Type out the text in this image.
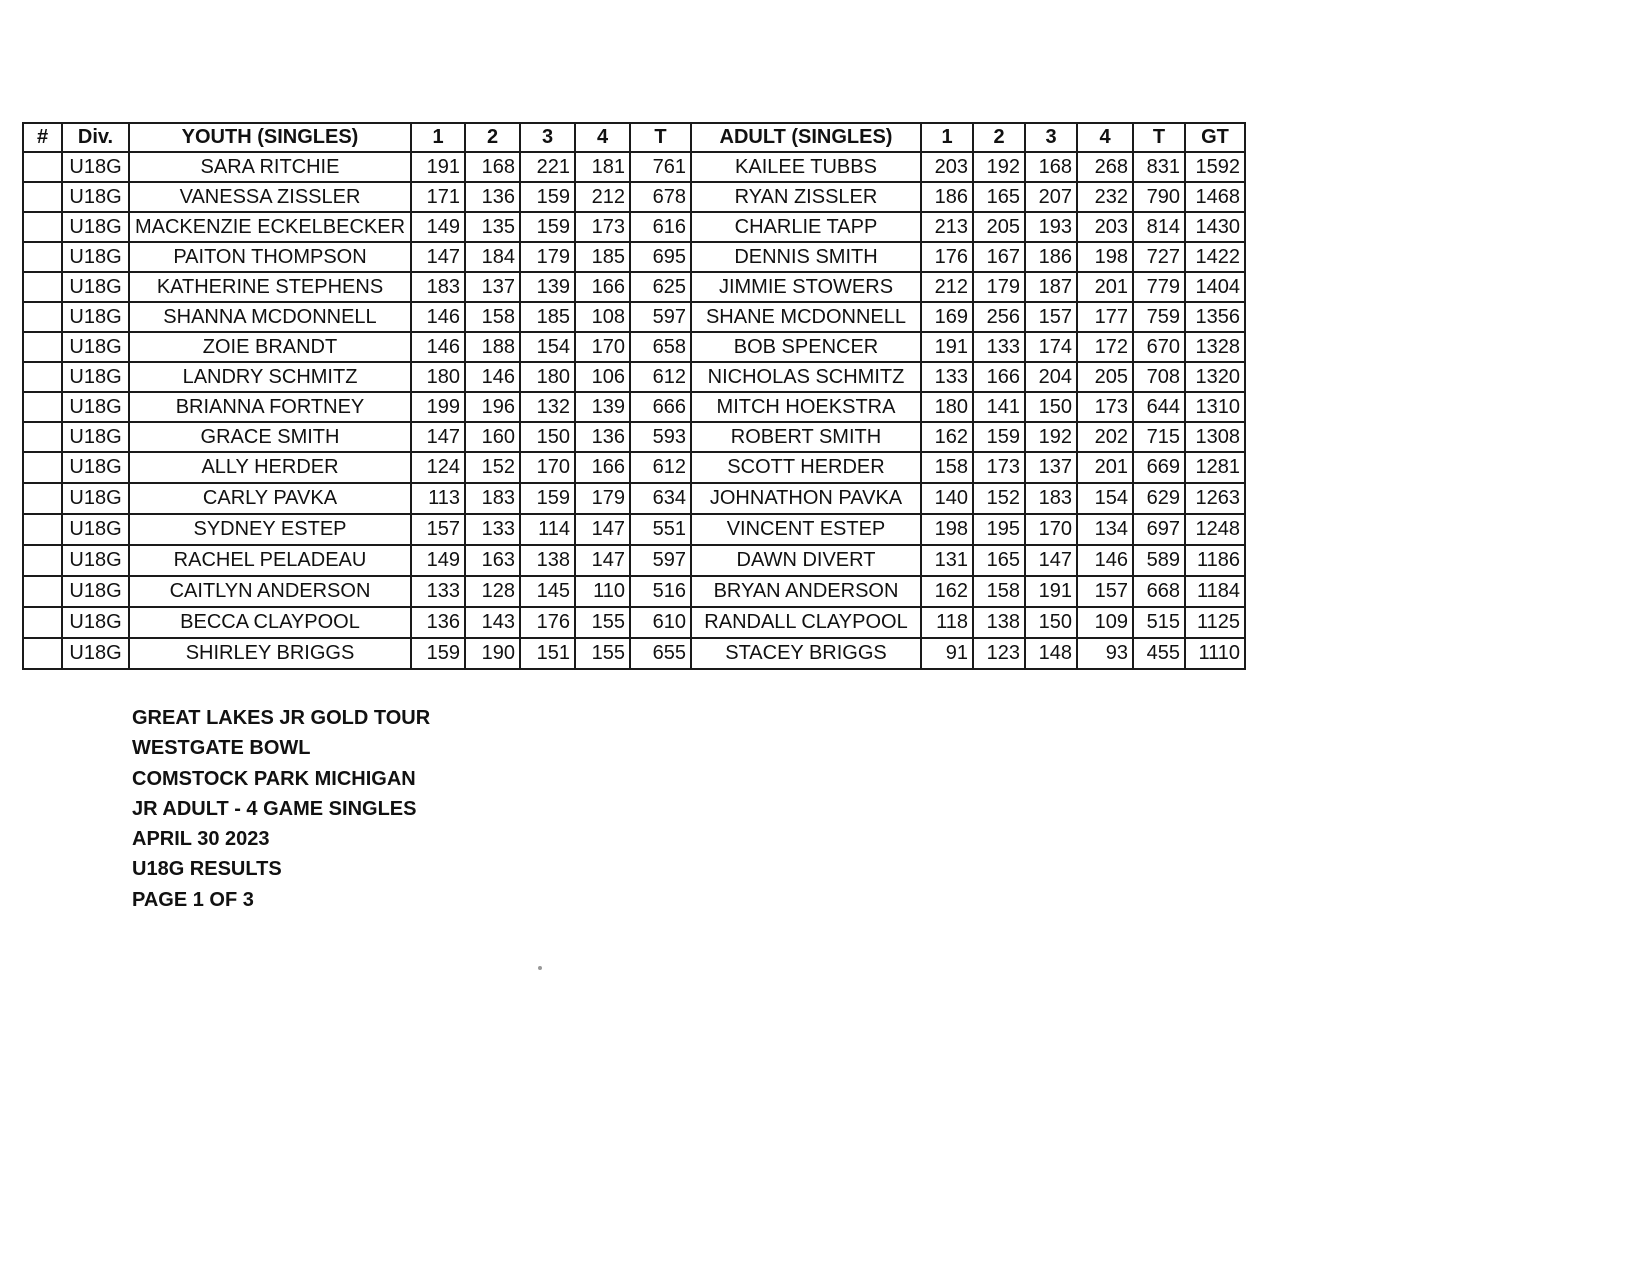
#	Div.	YOUTH (SINGLES)	1	2	3	4	T	ADULT (SINGLES)	1	2	3	4	T	GT
	U18G	SARA RITCHIE	191	168	221	181	761	KAILEE TUBBS	203	192	168	268	831	1592
	U18G	VANESSA ZISSLER	171	136	159	212	678	RYAN ZISSLER	186	165	207	232	790	1468
	U18G	MACKENZIE ECKELBECKER	149	135	159	173	616	CHARLIE TAPP	213	205	193	203	814	1430
	U18G	PAITON THOMPSON	147	184	179	185	695	DENNIS SMITH	176	167	186	198	727	1422
	U18G	KATHERINE STEPHENS	183	137	139	166	625	JIMMIE STOWERS	212	179	187	201	779	1404
	U18G	SHANNA MCDONNELL	146	158	185	108	597	SHANE MCDONNELL	169	256	157	177	759	1356
	U18G	ZOIE BRANDT	146	188	154	170	658	BOB SPENCER	191	133	174	172	670	1328
	U18G	LANDRY SCHMITZ	180	146	180	106	612	NICHOLAS SCHMITZ	133	166	204	205	708	1320
	U18G	BRIANNA FORTNEY	199	196	132	139	666	MITCH HOEKSTRA	180	141	150	173	644	1310
	U18G	GRACE SMITH	147	160	150	136	593	ROBERT SMITH	162	159	192	202	715	1308
	U18G	ALLY HERDER	124	152	170	166	612	SCOTT HERDER	158	173	137	201	669	1281
	U18G	CARLY PAVKA	113	183	159	179	634	JOHNATHON PAVKA	140	152	183	154	629	1263
	U18G	SYDNEY ESTEP	157	133	114	147	551	VINCENT ESTEP	198	195	170	134	697	1248
	U18G	RACHEL PELADEAU	149	163	138	147	597	DAWN DIVERT	131	165	147	146	589	1186
	U18G	CAITLYN ANDERSON	133	128	145	110	516	BRYAN ANDERSON	162	158	191	157	668	1184
	U18G	BECCA CLAYPOOL	136	143	176	155	610	RANDALL CLAYPOOL	118	138	150	109	515	1125
	U18G	SHIRLEY BRIGGS	159	190	151	155	655	STACEY BRIGGS	91	123	148	93	455	1110
GREAT LAKES JR GOLD TOUR
WESTGATE BOWL
COMSTOCK PARK MICHIGAN
JR ADULT - 4 GAME SINGLES
APRIL 30 2023
U18G RESULTS
PAGE 1 OF 3
